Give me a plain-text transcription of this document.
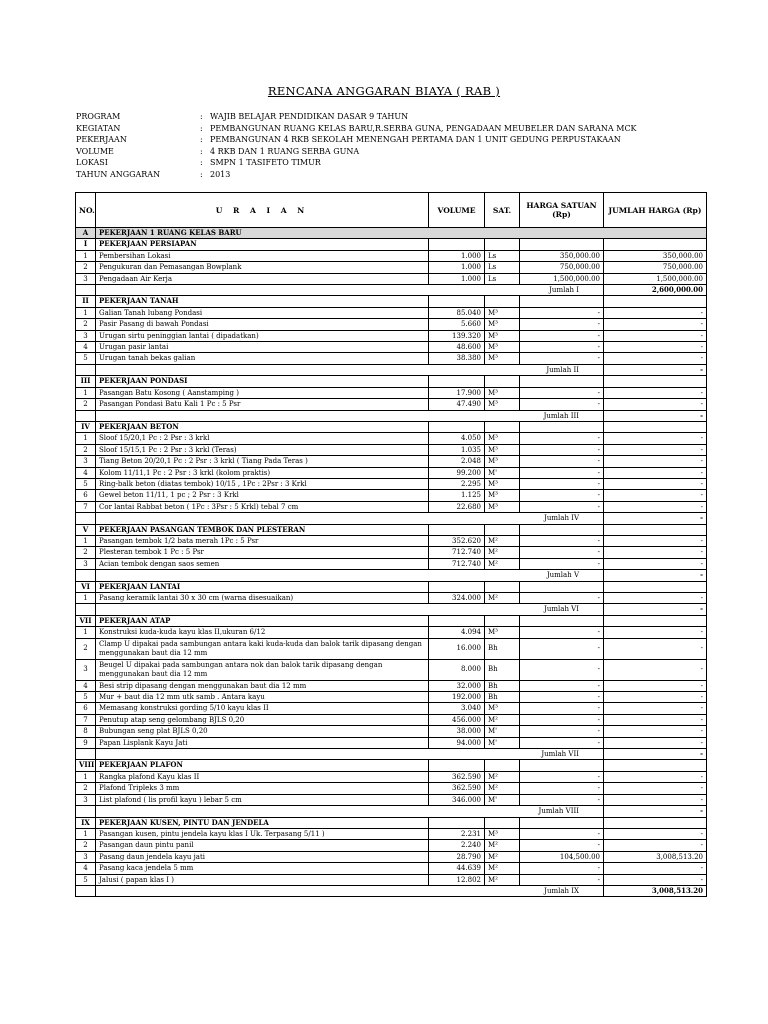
RENCANA ANGGARAN BIAYA ( RAB )
PROGRAM	: WAJIB BELAJAR PENDIDIKAN DASAR 9 TAHUN
KEGIATAN	: PEMBANGUNAN RUANG KELAS BARU,R.SERBA GUNA, PENGADAAN MEUBELER DAN SARANA MCK
PEKERJAAN	: PEMBANGUNAN 4 RKB SEKOLAH MENENGAH PERTAMA DAN 1 UNIT GEDUNG PERPUSTAKAAN
VOLUME	: 4 RKB DAN 1 RUANG SERBA GUNA
LOKASI	: SMPN 1 TASIFETO TIMUR
TAHUN ANGGARAN	: 2013
NO.	U R A I A N	VOLUME	SAT.	HARGA SATUAN (Rp)	JUMLAH HARGA (Rp)
A	PEKERJAAN 1 RUANG KELAS BARU				
I	PEKERJAAN PERSIAPAN				
1	Pembersihan Lokasi	1.000	Ls	350,000.00	350,000.00
2	Pengukuran dan Pemasangan Bowplank	1.000	Ls	750,000.00	750,000.00
3	Pengadaan Air Kerja	1.000	Ls	1,500,000.00	1,500,000.00
	Jumlah I				2,600,000.00
II	PEKERJAAN TANAH				
1	Galian Tanah lubang Pondasi	85.040	M³	-	-
2	Pasir Pasang di bawah Pondasi	5.660	M³	-	-
3	Urugan sirtu peninggian lantai ( dipadatkan)	139.320	M³	-	-
4	Urugan pasir lantai	48.600	M³	-	-
5	Urugan tanah bekas galian	38.380	M³	-	-
	Jumlah II				-
III	PEKERJAAN PONDASI				
1	Pasangan Batu Kosong ( Aanstamping )	17.900	M³	-	-
2	Pasangan Pondasi Batu Kali 1 Pc : 5 Psr	47.490	M³	-	-
	Jumlah III				-
IV	PEKERJAAN BETON				
1	Sloof 15/20,1 Pc : 2 Psr : 3 krkl	4.050	M³	-	-
2	Sloof 15/15,1 Pc : 2 Psr : 3 krkl (Teras)	1.035	M³	-	-
3	Tiang Beton 20/20,1 Pc : 2 Psr : 3 krkl ( Tiang Pada Teras )	2.048	M³	-	-
4	Kolom 11/11,1 Pc : 2 Psr : 3 krkl (kolom praktis)	99.200	M'	-	-
5	Ring-balk beton (diatas tembok) 10/15 , 1Pc : 2Psr : 3 Krkl	2.295	M³	-	-
6	Gewel beton 11/11, 1 pc ; 2 Psr : 3 Krkl	1.125	M³	-	-
7	Cor lantai Rabbat beton ( 1Pc : 3Psr : 5 Krkl) tebal 7 cm	22.680	M³	-	-
	Jumlah IV				-
V	PEKERJAAN PASANGAN TEMBOK DAN PLESTERAN				
1	Pasangan tembok 1/2 bata merah 1Pc : 5 Psr	352.620	M²	-	-
2	Plesteran tembok 1 Pc : 5 Psr	712.740	M²	-	-
3	Acian tembok dengan saos semen	712.740	M²	-	-
	Jumlah V				-
VI	PEKERJAAN LANTAI				
1	Pasang keramik lantai 30 x 30 cm (warna disesuaikan)	324.000	M²	-	-
	Jumlah VI				-
VII	PEKERJAAN ATAP				
1	Konstruksi kuda-kuda kayu klas II,ukuran 6/12	4.094	M³	-	-
2	Clamp U dipakai pada sambungan antara kaki kuda-kuda dan balok tarik dipasang dengan menggunakan baut dia 12 mm	16.000	Bh	-	-
3	Beugel U dipakai pada sambungan antara nok dan balok tarik dipasang dengan menggunakan baut dia 12 mm	8.000	Bh	-	-
4	Besi strip dipasang dengan menggunakan baut dia 12 mm	32.000	Bh	-	-
5	Mur + baut dia 12 mm utk samb . Antara kayu	192.000	Bh	-	-
6	Memasang konstruksi gording 5/10 kayu klas II	3.040	M³	-	-
7	Penutup atap seng gelombang BJLS 0,20	456.000	M²	-	-
8	Bubungan seng plat BJLS 0,20	38.000	M'	-	-
9	Papan Lisplank Kayu Jati	94.000	M'	-	-
	Jumlah VII				-
VIII	PEKERJAAN PLAFON				
1	Rangka plafond Kayu klas II	362.590	M²	-	-
2	Plafond Tripleks 3 mm	362.590	M²	-	-
3	List plafond ( lis profil kayu ) lebar 5 cm	346.000	M'	-	-
	Jumlah VIII				-
IX	PEKERJAAN KUSEN, PINTU DAN JENDELA				
1	Pasangan kusen, pintu jendela kayu klas I Uk. Terpasang 5/11 )	2.231	M³	-	-
2	Pasangan daun pintu panil	2.240	M²	-	-
3	Pasang daun jendela kayu jati	28.790	M²	104,500.00	3,008,513.20
4	Pasang kaca jendela 5 mm	44.639	M²	-	-
5	Jalusi ( papan klas I )	12.802	M²	-	-
	Jumlah IX				3,008,513.20
